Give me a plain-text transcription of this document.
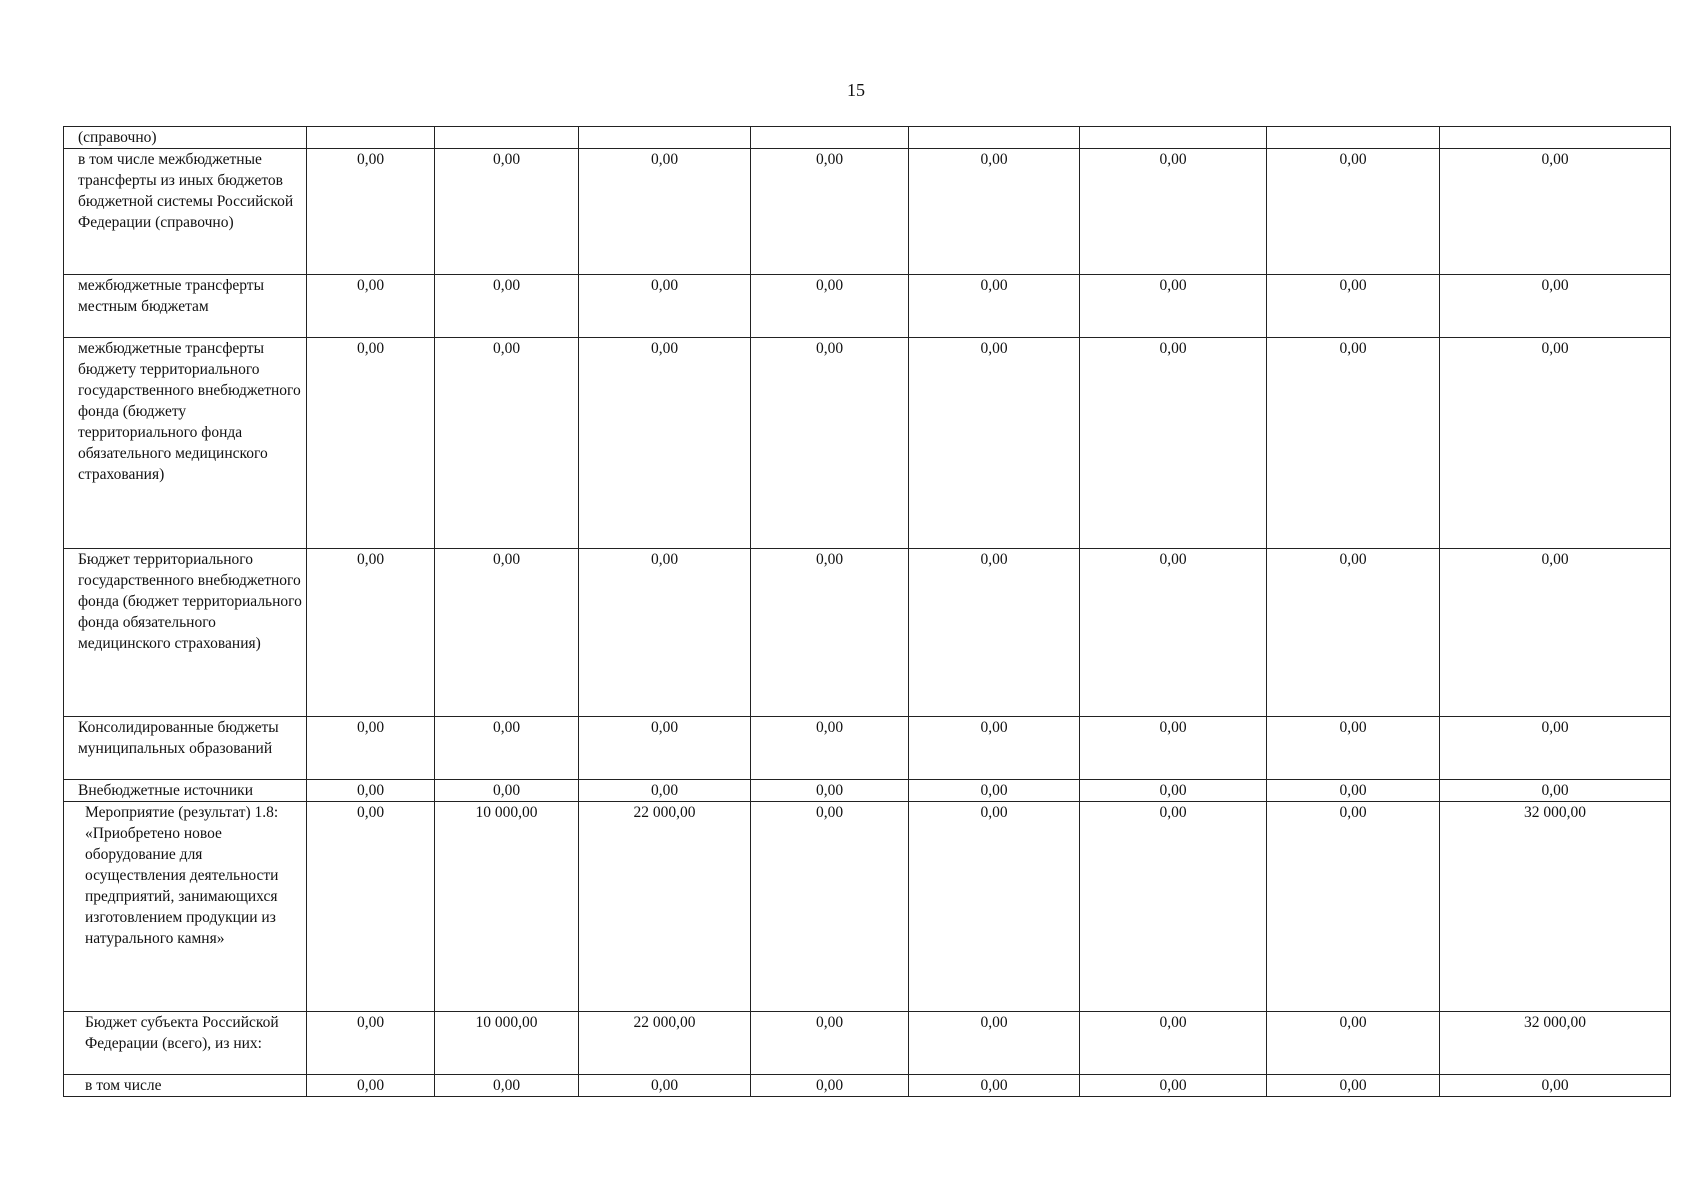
15
(справочно)								
в том числе межбюджетные трансферты из иных бюджетов бюджетной системы Российской Федерации (справочно)	0,00	0,00	0,00	0,00	0,00	0,00	0,00	0,00
межбюджетные трансферты местным бюджетам	0,00	0,00	0,00	0,00	0,00	0,00	0,00	0,00
межбюджетные трансферты бюджету территориального государственного внебюджетного фонда (бюджету территориального фонда обязательного медицинского страхования)	0,00	0,00	0,00	0,00	0,00	0,00	0,00	0,00
Бюджет территориального государственного внебюджетного фонда (бюджет территориального фонда обязательного медицинского страхования)	0,00	0,00	0,00	0,00	0,00	0,00	0,00	0,00
Консолидированные бюджеты муниципальных образований	0,00	0,00	0,00	0,00	0,00	0,00	0,00	0,00
Внебюджетные источники	0,00	0,00	0,00	0,00	0,00	0,00	0,00	0,00
Мероприятие (результат) 1.8: «Приобретено новое оборудование для осуществления деятельности предприятий, занимающихся изготовлением продукции из натурального камня»	0,00	10 000,00	22 000,00	0,00	0,00	0,00	0,00	32 000,00
Бюджет субъекта Российской Федерации (всего), из них:	0,00	10 000,00	22 000,00	0,00	0,00	0,00	0,00	32 000,00
в том числе	0,00	0,00	0,00	0,00	0,00	0,00	0,00	0,00
